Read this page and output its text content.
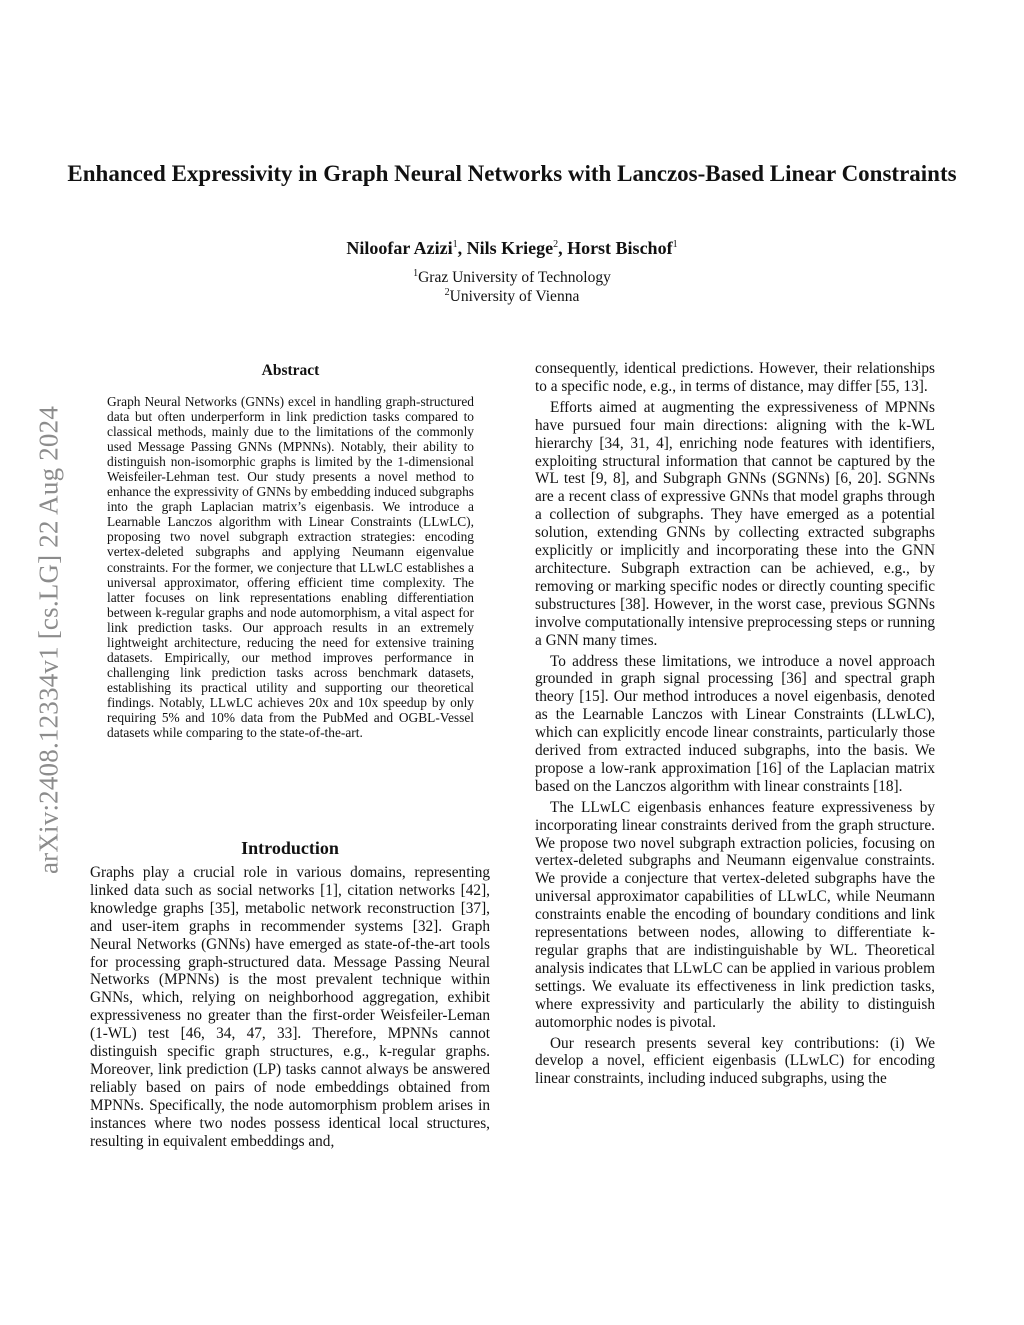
arXiv:2408.12334v1 [cs.LG] 22 Aug 2024
Enhanced Expressivity in Graph Neural Networks with Lanczos-Based Linear Constraints
Niloofar Azizi$^1$, Nils Kriege$^2$, Horst Bischof$^1$
$^1$Graz University of Technology
$^2$University of Vienna
Abstract

Graph Neural Networks (GNNs) excel in handling graph-structured data but often underperform in link prediction tasks compared to classical methods, mainly due to the limitations of the commonly used Message Passing GNNs (MPNNs). Notably, their ability to distinguish non-isomorphic graphs is limited by the 1-dimensional Weisfeiler-Lehman test. Our study presents a novel method to enhance the expressivity of GNNs by embedding induced subgraphs into the graph Laplacian matrix’s eigenbasis. We introduce a Learnable Lanczos algorithm with Linear Constraints (LLwLC), proposing two novel subgraph extraction strategies: encoding vertex-deleted subgraphs and applying Neumann eigenvalue constraints. For the former, we conjecture that LLwLC establishes a universal approximator, offering efficient time complexity. The latter focuses on link representations enabling differentiation between k-regular graphs and node automorphism, a vital aspect for link prediction tasks. Our approach results in an extremely lightweight architecture, reducing the need for extensive training datasets. Empirically, our method improves performance in challenging link prediction tasks across benchmark datasets, establishing its practical utility and supporting our theoretical findings. Notably, LLwLC achieves 20x and 10x speedup by only requiring 5% and 10% data from the PubMed and OGBL-Vessel datasets while comparing to the state-of-the-art.

Introduction

Graphs play a crucial role in various domains, representing linked data such as social networks [1], citation networks [42], knowledge graphs [35], metabolic network reconstruction [37], and user-item graphs in recommender systems [32]. Graph Neural Networks (GNNs) have emerged as state-of-the-art tools for processing graph-structured data. Message Passing Neural Networks (MPNNs) is the most prevalent technique within GNNs, which, relying on neighborhood aggregation, exhibit expressiveness no greater than the first-order Weisfeiler-Leman (1-WL) test [46, 34, 47, 33]. Therefore, MPNNs cannot distinguish specific graph structures, e.g., k-regular graphs. Moreover, link prediction (LP) tasks cannot always be answered reliably based on pairs of node embeddings obtained from MPNNs. Specifically, the node automorphism problem arises in instances where two nodes possess identical local structures, resulting in equivalent embeddings and,

consequently, identical predictions. However, their relationships to a specific node, e.g., in terms of distance, may differ [55, 13].

Efforts aimed at augmenting the expressiveness of MPNNs have pursued four main directions: aligning with the k-WL hierarchy [34, 31, 4], enriching node features with identifiers, exploiting structural information that cannot be captured by the WL test [9, 8], and Subgraph GNNs (SGNNs) [6, 20]. SGNNs are a recent class of expressive GNNs that model graphs through a collection of subgraphs. They have emerged as a potential solution, extending GNNs by collecting extracted subgraphs explicitly or implicitly and incorporating these into the GNN architecture. Subgraph extraction can be achieved, e.g., by removing or marking specific nodes or directly counting specific substructures [38]. However, in the worst case, previous SGNNs involve computationally intensive preprocessing steps or running a GNN many times.

To address these limitations, we introduce a novel approach grounded in graph signal processing [36] and spectral graph theory [15]. Our method introduces a novel eigenbasis, denoted as the Learnable Lanczos with Linear Constraints (LLwLC), which can explicitly encode linear constraints, particularly those derived from extracted induced subgraphs, into the basis. We propose a low-rank approximation [16] of the Laplacian matrix based on the Lanczos algorithm with linear constraints [18].

The LLwLC eigenbasis enhances feature expressiveness by incorporating linear constraints derived from the graph structure. We propose two novel subgraph extraction policies, focusing on vertex-deleted subgraphs and Neumann eigenvalue constraints. We provide a conjecture that vertex-deleted subgraphs have the universal approximator capabilities of LLwLC, while Neumann constraints enable the encoding of boundary conditions and link representations between nodes, allowing to differentiate k-regular graphs that are indistinguishable by WL. Theoretical analysis indicates that LLwLC can be applied in various problem settings. We evaluate its effectiveness in link prediction tasks, where expressivity and particularly the ability to distinguish automorphic nodes is pivotal.

Our research presents several key contributions: (i) We develop a novel, efficient eigenbasis (LLwLC) for encoding linear constraints, including induced subgraphs, using the
